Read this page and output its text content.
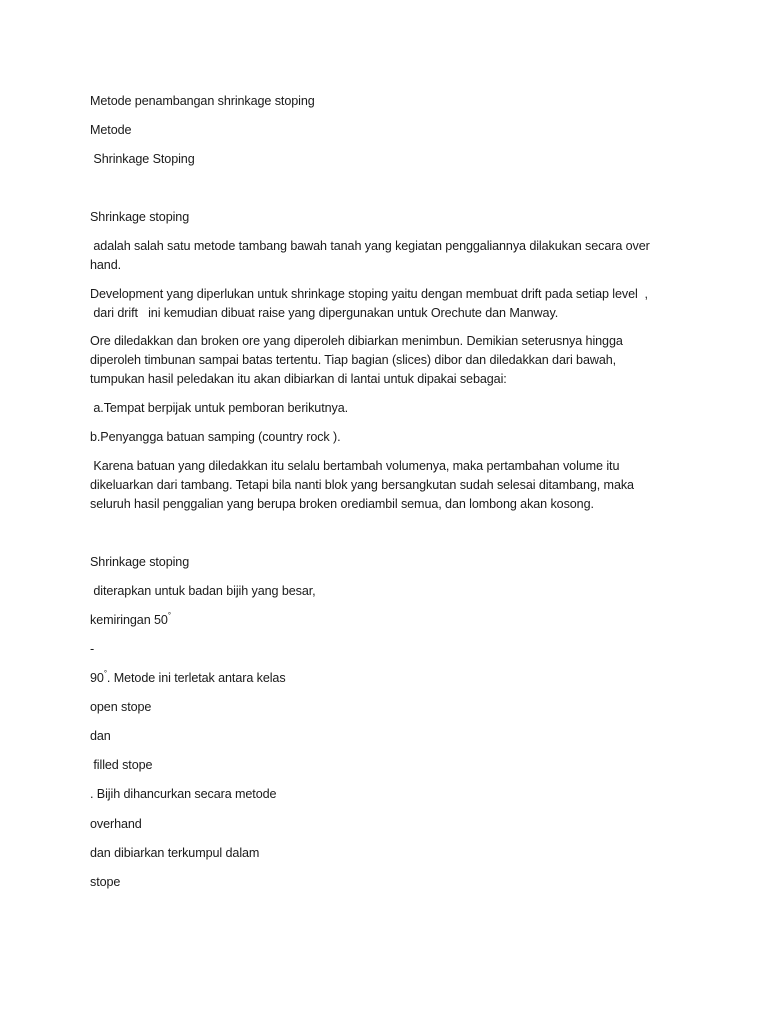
Metode penambangan shrinkage stoping
Metode
Shrinkage Stoping
Shrinkage stoping
adalah salah satu metode tambang bawah tanah yang kegiatan penggaliannya dilakukan secara over
hand.
Development yang diperlukan untuk shrinkage stoping yaitu dengan membuat drift pada setiap level  ,
dari drift   ini kemudian dibuat raise yang dipergunakan untuk Orechute dan Manway.
Ore diledakkan dan broken ore yang diperoleh dibiarkan menimbun. Demikian seterusnya hingga
diperoleh timbunan sampai batas tertentu. Tiap bagian (slices) dibor dan diledakkan dari bawah,
tumpukan hasil peledakan itu akan dibiarkan di lantai untuk dipakai sebagai:
a.Tempat berpijak untuk pemboran berikutnya.
b.Penyangga batuan samping (country rock ).
Karena batuan yang diledakkan itu selalu bertambah volumenya, maka pertambahan volume itu
dikeluarkan dari tambang. Tetapi bila nanti blok yang bersangkutan sudah selesai ditambang, maka
seluruh hasil penggalian yang berupa broken orediambil semua, dan lombong akan kosong.
Shrinkage stoping
diterapkan untuk badan bijih yang besar,
kemiringan 50°
-
90°. Metode ini terletak antara kelas
open stope
dan
filled stope
. Bijih dihancurkan secara metode
overhand
dan dibiarkan terkumpul dalam
stope
